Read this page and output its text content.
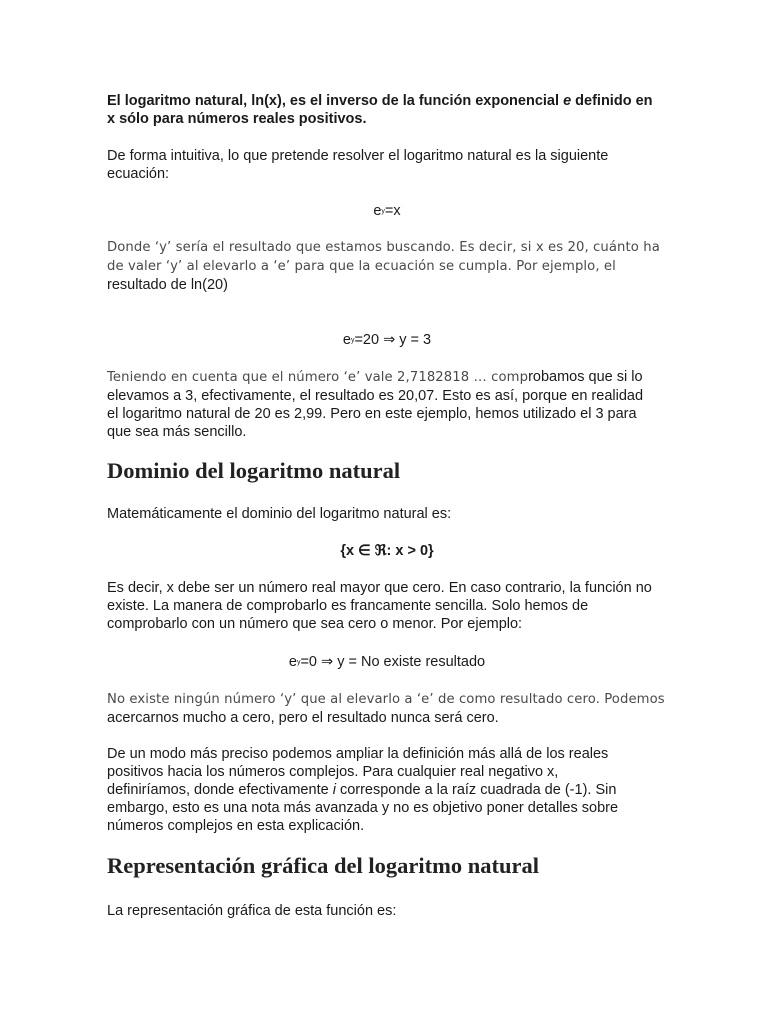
El logaritmo natural, ln(x), es el inverso de la función exponencial e definido en x sólo para números reales positivos.

De forma intuitiva, lo que pretende resolver el logaritmo natural es la siguiente ecuación:

$e^y=x$

Donde ‘y’ sería el resultado que estamos buscando. Es decir, si x es 20, cuánto ha de valer ‘y’ al elevarlo a ‘e’ para que la ecuación se cumpla. Por ejemplo, el resultado de ln(20)

$e^y=20$ ⇒ y = 3

Teniendo en cuenta que el número ‘e’ vale 2,7182818 … comprobamos que si lo elevamos a 3, efectivamente, el resultado es 20,07. Esto es así, porque en realidad el logaritmo natural de 20 es 2,99. Pero en este ejemplo, hemos utilizado el 3 para que sea más sencillo.

Dominio del logaritmo natural

Matemáticamente el dominio del logaritmo natural es:

{x ∈ ℜ: x > 0}

Es decir, x debe ser un número real mayor que cero. En caso contrario, la función no existe. La manera de comprobarlo es francamente sencilla. Solo hemos de comprobarlo con un número que sea cero o menor. Por ejemplo:

$e^y=0$ ⇒ y = No existe resultado

No existe ningún número ‘y’ que al elevarlo a ‘e’ de como resultado cero. Podemos acercarnos mucho a cero, pero el resultado nunca será cero.

De un modo más preciso podemos ampliar la definición más allá de los reales positivos hacia los números complejos. Para cualquier real negativo x, definiríamos, donde efectivamente i corresponde a la raíz cuadrada de (-1). Sin embargo, esto es una nota más avanzada y no es objetivo poner detalles sobre números complejos en esta explicación.

Representación gráfica del logaritmo natural

La representación gráfica de esta función es:
